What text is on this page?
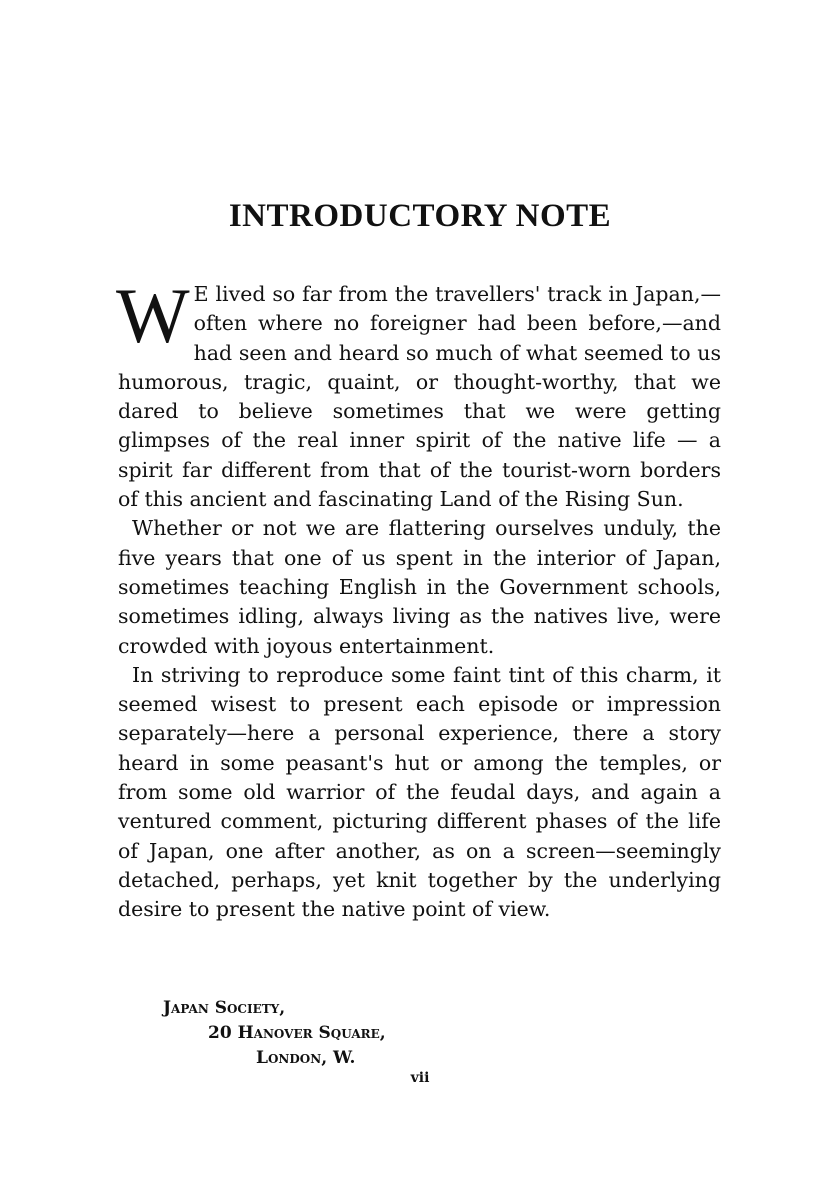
INTRODUCTORY NOTE

W E lived so far from the travellers' track in Japan,—often where no foreigner had been before,—and had seen and heard so much of what seemed to us humorous, tragic, quaint, or thought-worthy, that we dared to believe sometimes that we were getting glimpses of the real inner spirit of the native life — a spirit far different from that of the tourist-worn borders of this ancient and fascinating Land of the Rising Sun.

Whether or not we are flattering ourselves unduly, the five years that one of us spent in the interior of Japan, sometimes teaching English in the Government schools, sometimes idling, always living as the natives live, were crowded with joyous entertainment.

In striving to reproduce some faint tint of this charm, it seemed wisest to present each episode or impression separately—here a personal experience, there a story heard in some peasant's hut or among the temples, or from some old warrior of the feudal days, and again a ventured comment, picturing different phases of the life of Japan, one after another, as on a screen—seemingly detached, perhaps, yet knit together by the underlying desire to present the native point of view.

Japan Society,
20 Hanover Square,
London, W.
vii
